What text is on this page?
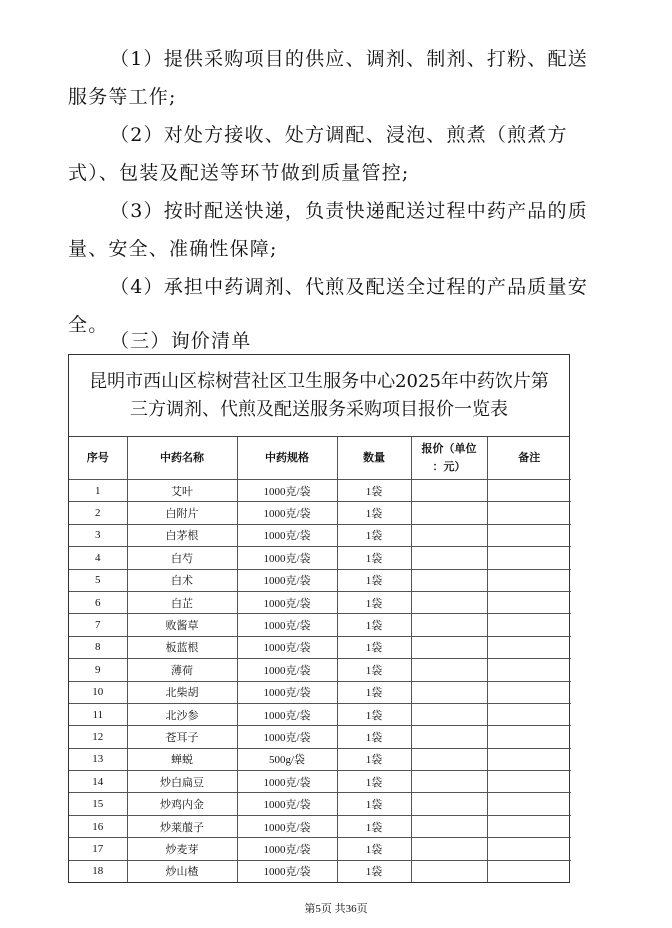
（1）提供采购项目的供应、调剂、制剂、打粉、配送服务等工作;

（2）对处方接收、处方调配、浸泡、煎煮（煎煮方式）、包装及配送等环节做到质量管控;

（3）按时配送快递，负责快递配送过程中药产品的质量、安全、准确性保障;

（4）承担中药调剂、代煎及配送全过程的产品质量安全。

（三）询价清单

昆明市西山区棕树营社区卫生服务中心2025年中药饮片第
三方调剂、代煎及配送服务采购项目报价一览表
序号	中药名称	中药规格	数量	报价（单位
：元）	备注
1	艾叶	1000克/袋	1袋		
2	白附片	1000克/袋	1袋		
3	白茅根	1000克/袋	1袋		
4	白芍	1000克/袋	1袋		
5	白术	1000克/袋	1袋		
6	白芷	1000克/袋	1袋		
7	败酱草	1000克/袋	1袋		
8	板蓝根	1000克/袋	1袋		
9	薄荷	1000克/袋	1袋		
10	北柴胡	1000克/袋	1袋		
11	北沙参	1000克/袋	1袋		
12	苍耳子	1000克/袋	1袋		
13	蝉蜕	500g/袋	1袋		
14	炒白扁豆	1000克/袋	1袋		
15	炒鸡内金	1000克/袋	1袋		
16	炒莱菔子	1000克/袋	1袋		
17	炒麦芽	1000克/袋	1袋		
18	炒山楂	1000克/袋	1袋		
第5页 共36页
